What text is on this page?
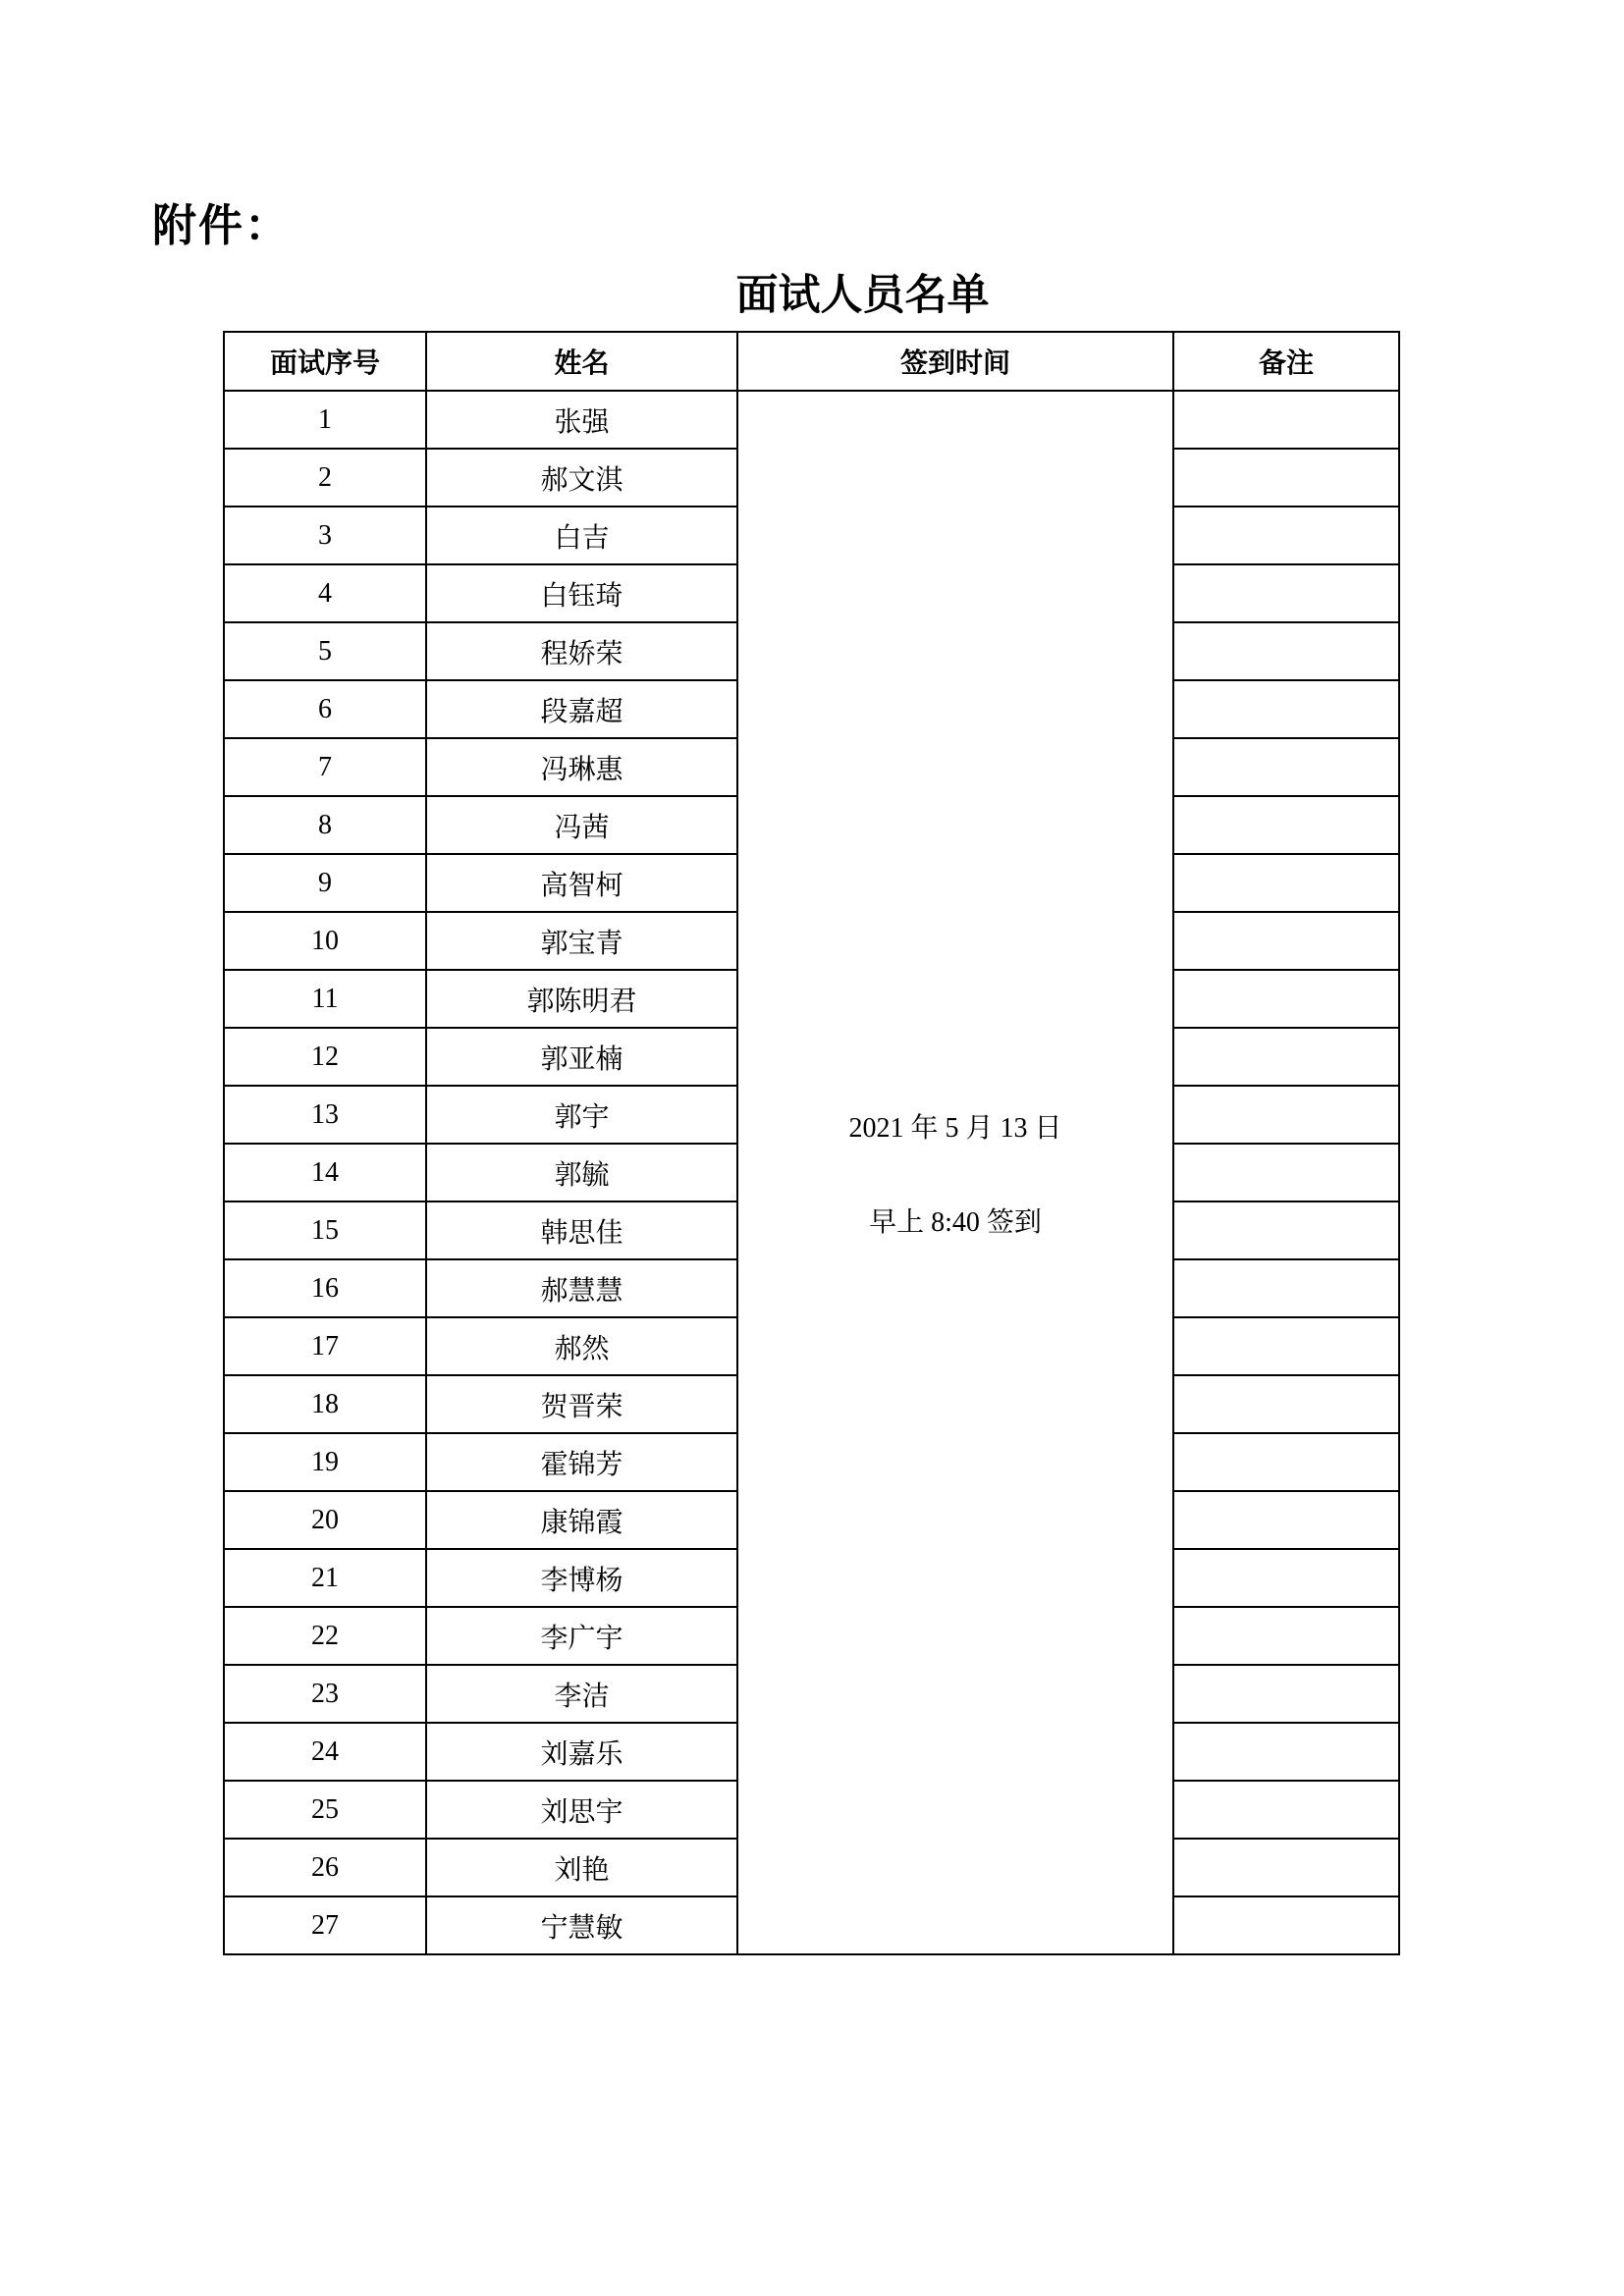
附件：
面试人员名单
面试序号	姓名	签到时间	备注
1	张强	2021 年 5 月 13 日
早上 8:40 签到	

2	郝文淇		
3	白吉		
4	白钰琦		
5	程娇荣		
6	段嘉超		
7	冯琳惠		
8	冯茜		
9	高智柯		
10	郭宝青		
11	郭陈明君		
12	郭亚楠		
13	郭宇		
14	郭毓		
15	韩思佳		
16	郝慧慧		
17	郝然		
18	贺晋荣		
19	霍锦芳		
20	康锦霞		
21	李博杨		
22	李广宇		
23	李洁		
24	刘嘉乐		
25	刘思宇		
26	刘艳		
27	宁慧敏		
